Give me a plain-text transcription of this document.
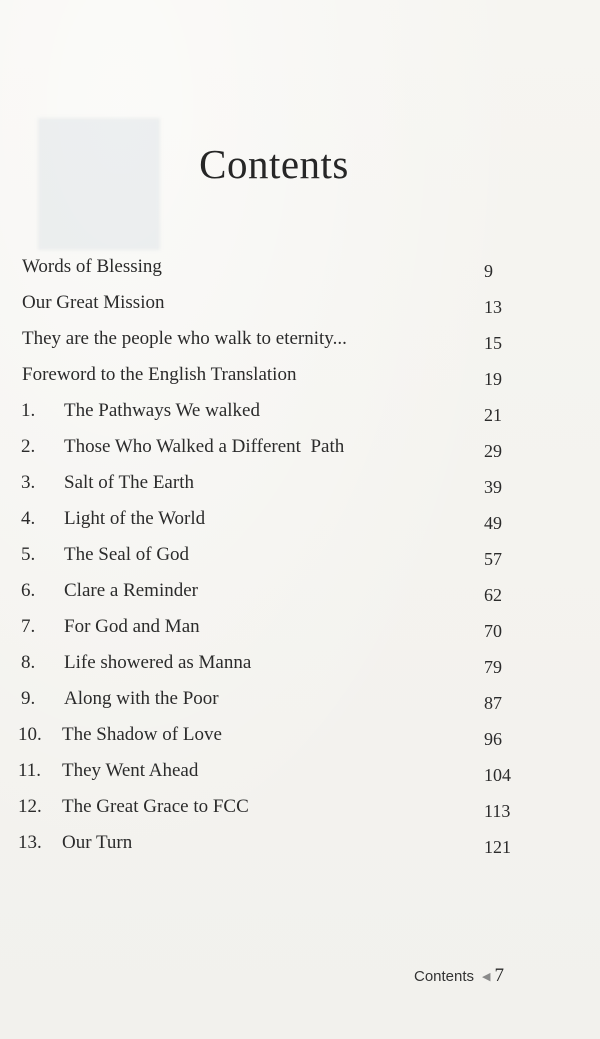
Contents
Words of Blessing	9
Our Great Mission	13
They are the people who walk to eternity...	15
Foreword to the English Translation	19
1. The Pathways We walked	21
2. Those Who Walked a Different  Path	29
3. Salt of The Earth	39
4. Light of the World	49
5. The Seal of God	57
6. Clare a Reminder	62
7. For God and Man	70
8. Life showered as Manna	79
9. Along with the Poor	87
10. The Shadow of Love	96
11. They Went Ahead	104
12. The Great Grace to FCC	113
13. Our Turn	121
Contents ◀ 7
